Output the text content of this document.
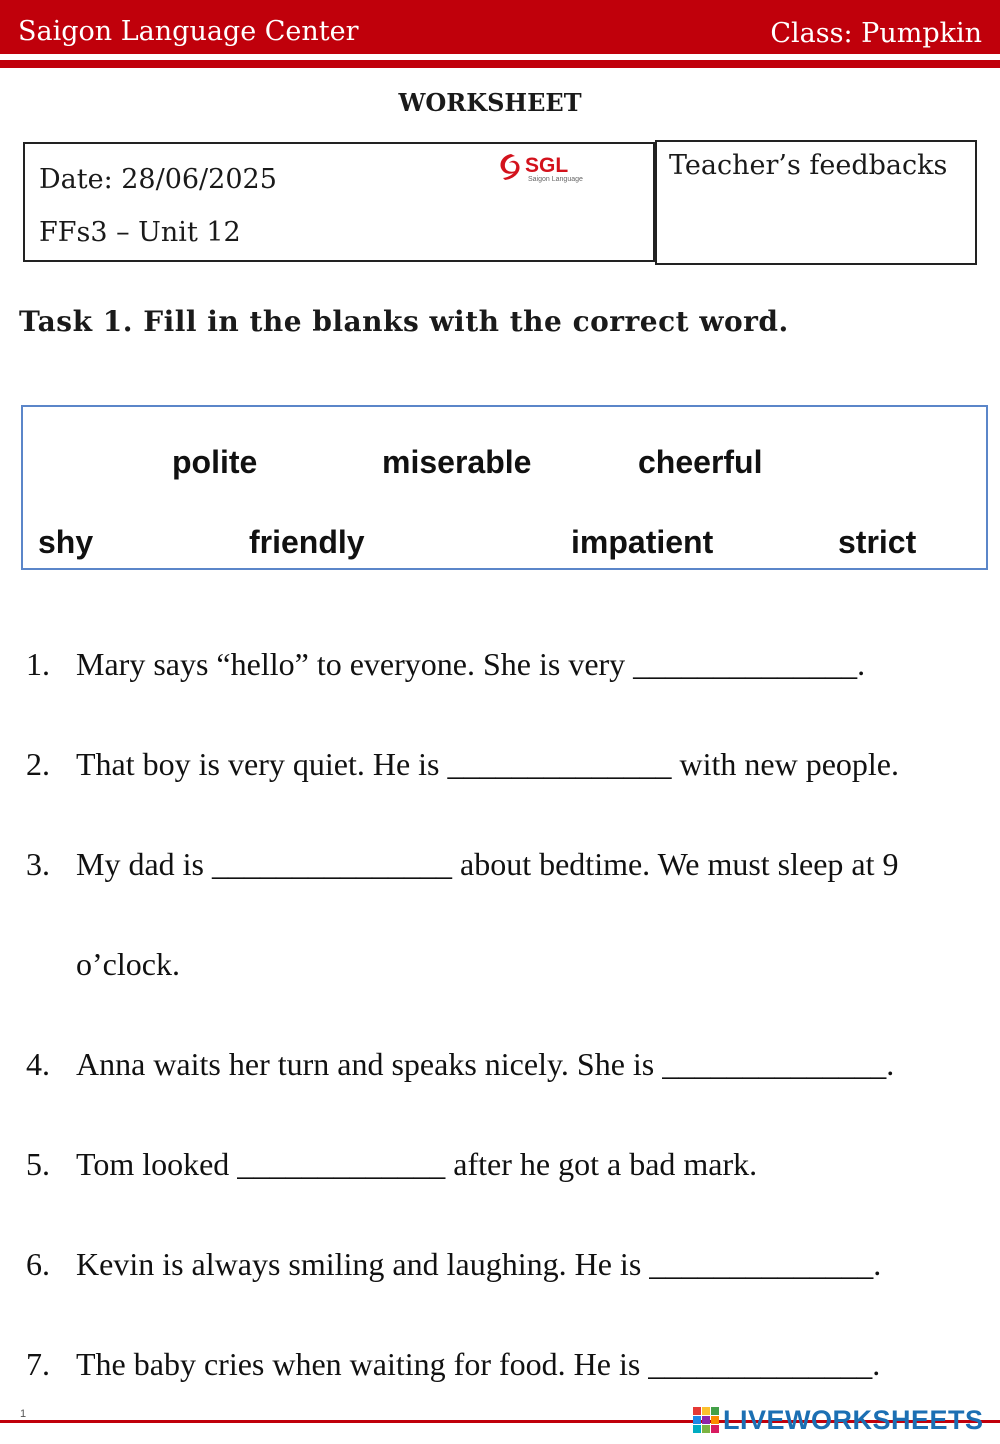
Saigon Language Center	Class: Pumpkin
WORKSHEET
Date: 28/06/2025
FFs3 – Unit 12
SGL
Saigon Language	Teacher’s feedbacks
Task 1. Fill in the blanks with the correct word.
polite	miserable	cheerful
shy	friendly	impatient	strict
1. Mary says “hello” to everyone. She is very ______________.
2. That boy is very quiet. He is ______________ with new people.
3. My dad is _______________ about bedtime. We must sleep at 9
o’clock.
4. Anna waits her turn and speaks nicely. She is ______________.
5. Tom looked _____________ after he got a bad mark.
6. Kevin is always smiling and laughing. He is ______________.
7. The baby cries when waiting for food. He is ______________.
1	LIVEWORKSHEETS
